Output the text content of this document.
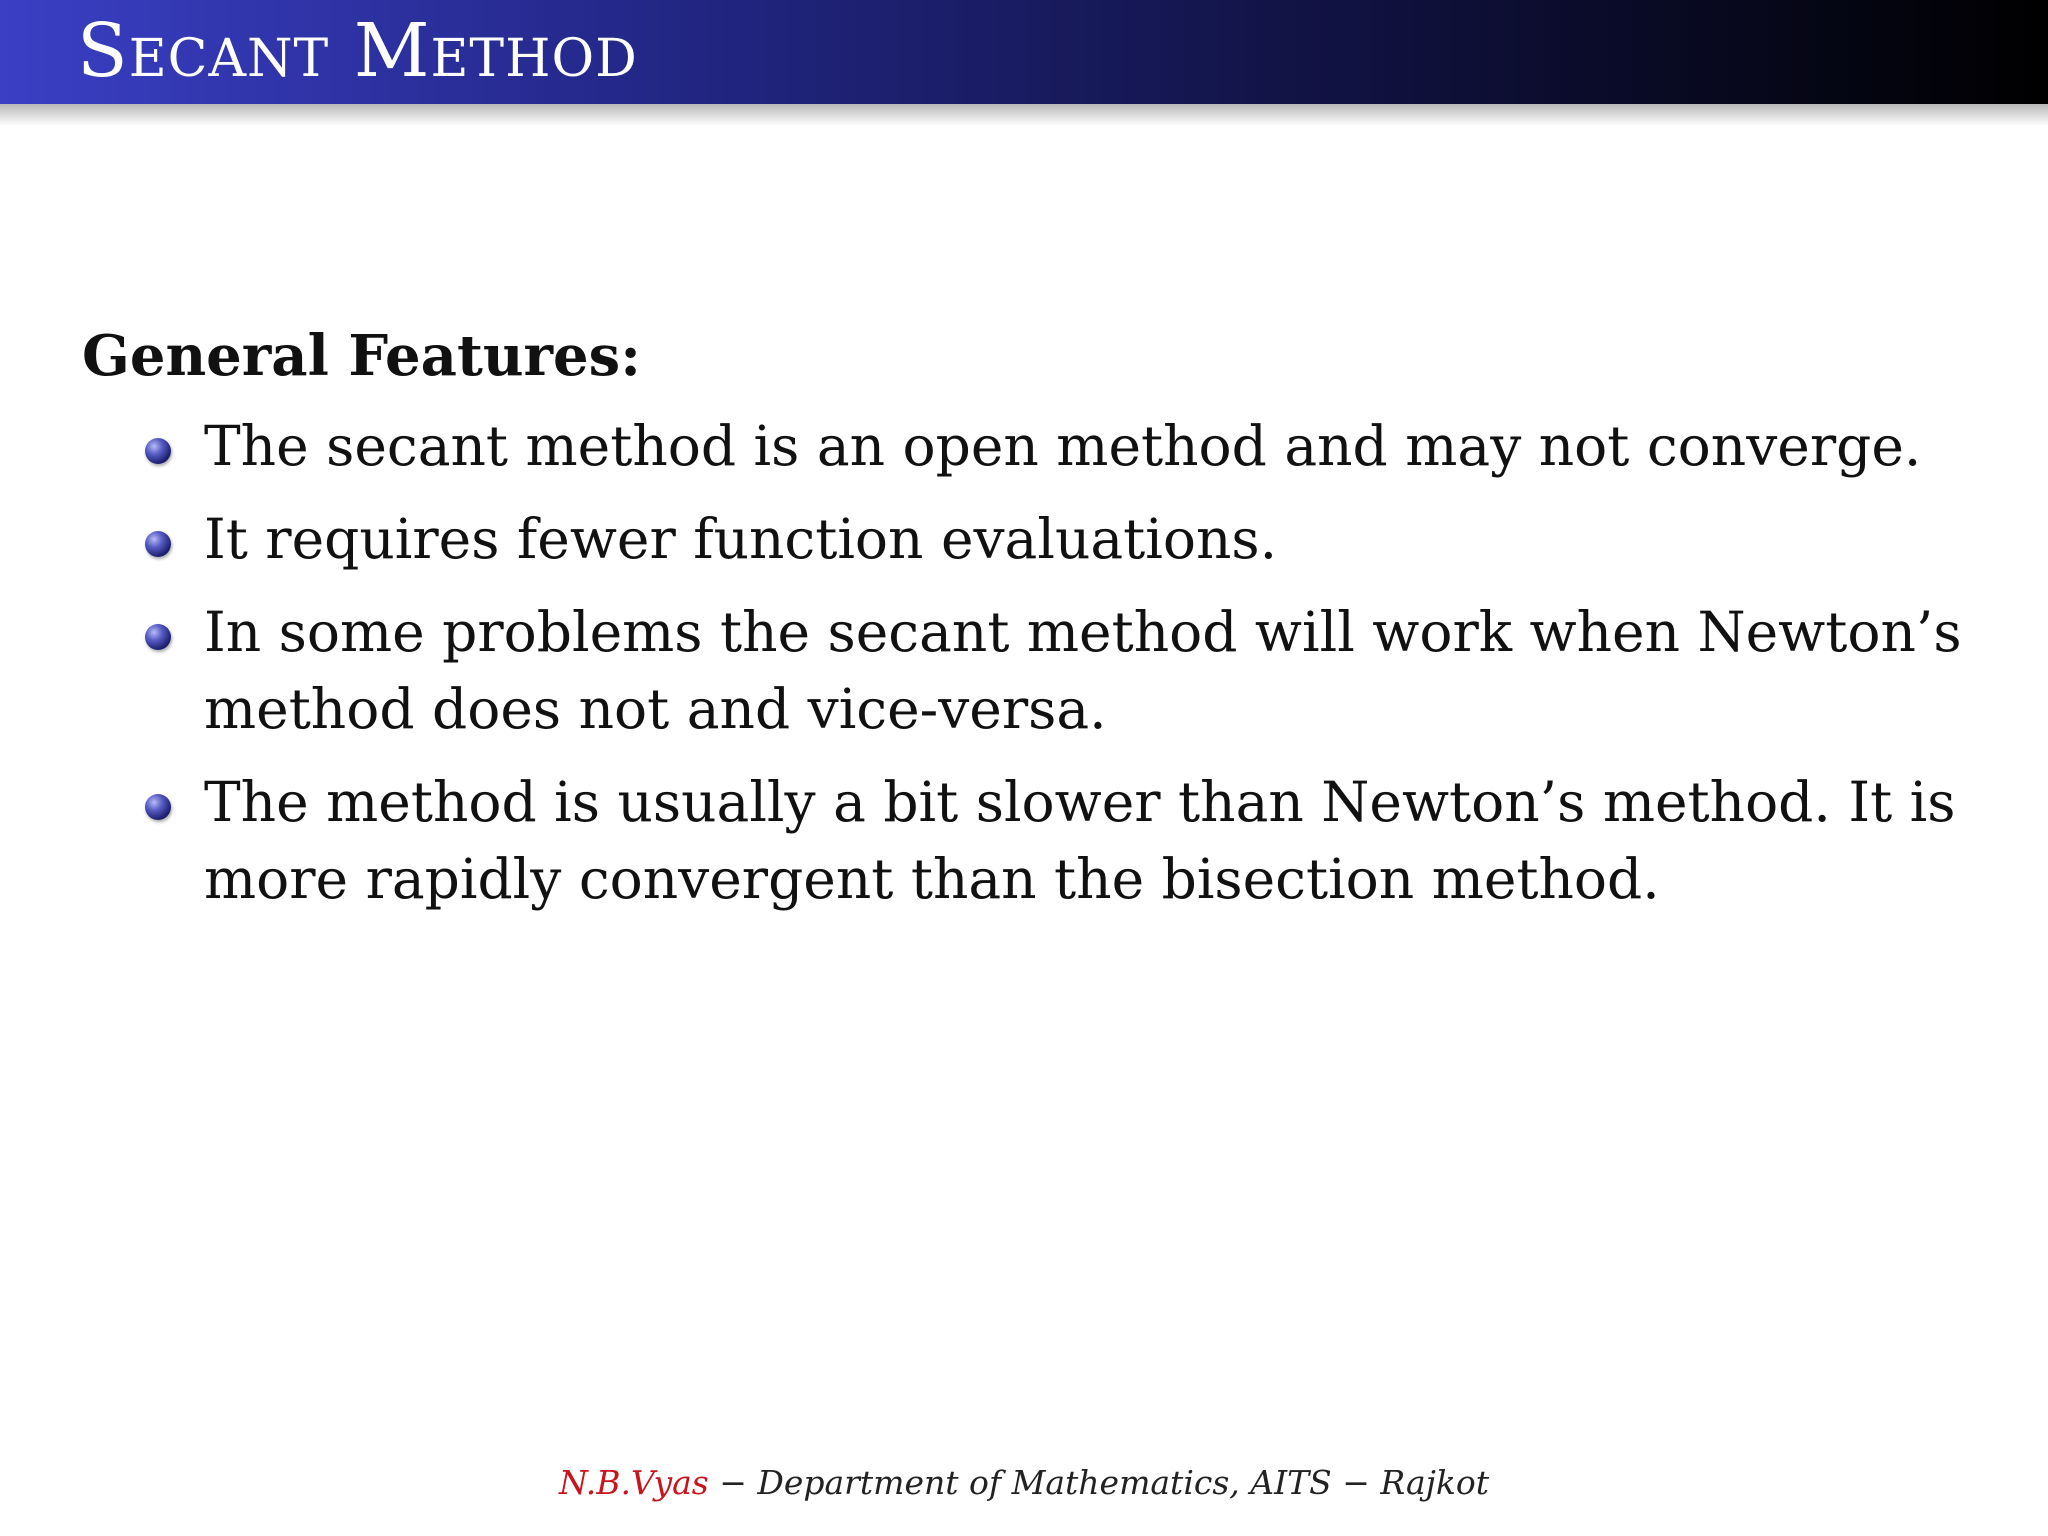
Secant Method
General Features:
The secant method is an open method and may not converge.
It requires fewer function evaluations.
In some problems the secant method will work when Newton’s method does not and vice-versa.
The method is usually a bit slower than Newton’s method. It is more rapidly convergent than the bisection method.
N.B.Vyas − Department of Mathematics, AITS − Rajkot
